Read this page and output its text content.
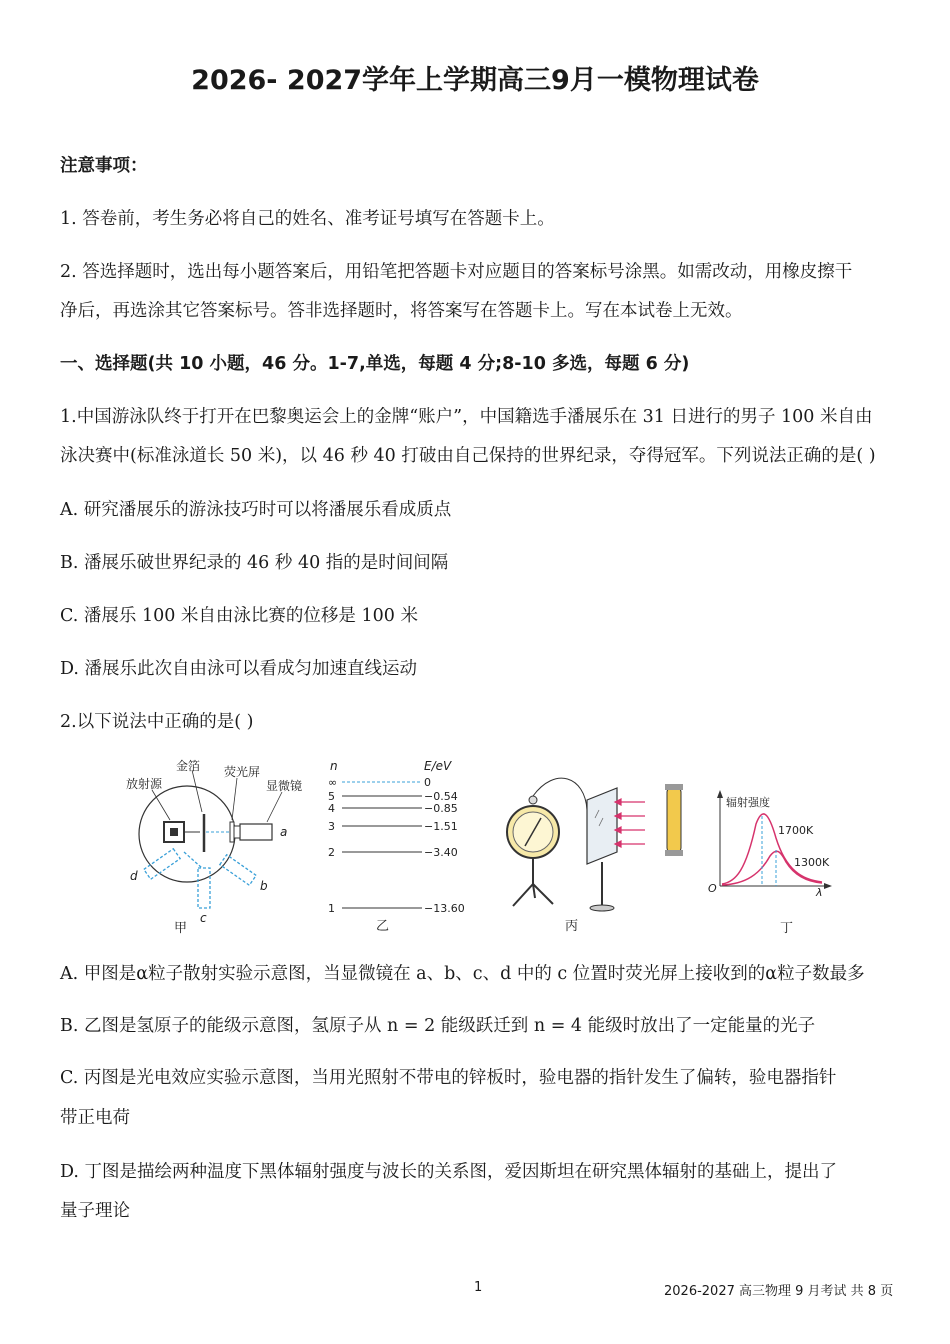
2026- 2027学年上学期高三9月一模物理试卷
注意事项：
1. 答卷前，考生务必将自己的姓名、准考证号填写在答题卡上。
2. 答选择题时，选出每小题答案后，用铅笔把答题卡对应题目的答案标号涂黑。如需改动，用橡皮擦干
净后，再选涂其它答案标号。答非选择题时，将答案写在答题卡上。写在本试卷上无效。
一、选择题(共 10 小题，46 分。1-7,单选，每题 4 分;8-10 多选，每题 6 分)
1.中国游泳队终于打开在巴黎奥运会上的金牌“账户”，中国籍选手潘展乐在 31 日进行的男子 100 米自由
泳决赛中(标准泳道长 50 米)，以 46 秒 40 打破由自己保持的世界纪录，夺得冠军。下列说法正确的是( )
A. 研究潘展乐的游泳技巧时可以将潘展乐看成质点
B. 潘展乐破世界纪录的 46 秒 40 指的是时间间隔
C. 潘展乐 100 米自由泳比赛的位移是 100 米
D. 潘展乐此次自由泳可以看成匀加速直线运动
2.以下说法中正确的是( )
金箔
放射源
荧光屏
显微镜
a
b
c
d
甲
n	E/eV
∞	0
5	−0.54
4	−0.85
3	−1.51
2	−3.40
1	−13.60
乙	丙
辐射强度
1700K
1300K
O	λ
丁
A. 甲图是α粒子散射实验示意图，当显微镜在 a、b、c、d 中的 c 位置时荧光屏上接收到的α粒子数最多
B. 乙图是氢原子的能级示意图，氢原子从 n = 2 能级跃迁到 n = 4 能级时放出了一定能量的光子
C. 丙图是光电效应实验示意图，当用光照射不带电的锌板时，验电器的指针发生了偏转，验电器指针
带正电荷
D. 丁图是描绘两种温度下黑体辐射强度与波长的关系图，爱因斯坦在研究黑体辐射的基础上，提出了
量子理论
1	2026-2027 高三物理 9 月考试 共 8 页
